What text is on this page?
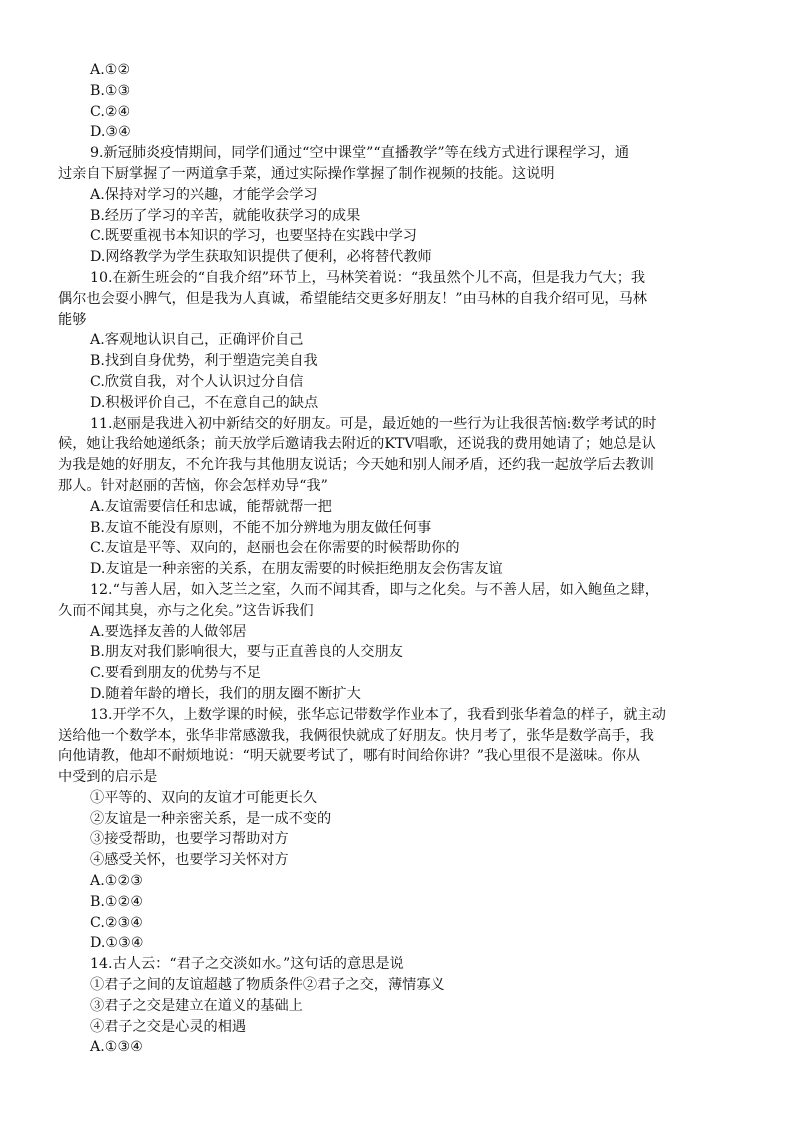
A.①②
B.①③
C.②④
D.③④
9.新冠肺炎疫情期间，同学们通过“空中课堂”“直播教学”等在线方式进行课程学习，通
过亲自下厨掌握了一两道拿手菜，通过实际操作掌握了制作视频的技能。这说明
A.保持对学习的兴趣，才能学会学习
B.经历了学习的辛苦，就能收获学习的成果
C.既要重视书本知识的学习，也要坚持在实践中学习
D.网络教学为学生获取知识提供了便利，必将替代教师
10.在新生班会的“自我介绍”环节上，马林笑着说：“我虽然个儿不高，但是我力气大；我
偶尔也会耍小脾气，但是我为人真诚，希望能结交更多好朋友！”由马林的自我介绍可见，马林
能够
A.客观地认识自己，正确评价自己
B.找到自身优势，利于塑造完美自我
C.欣赏自我，对个人认识过分自信
D.积极评价自己，不在意自己的缺点
11.赵丽是我进入初中新结交的好朋友。可是，最近她的一些行为让我很苦恼:数学考试的时
候，她让我给她递纸条；前天放学后邀请我去附近的KTV唱歌，还说我的费用她请了；她总是认
为我是她的好朋友，不允许我与其他朋友说话；今天她和别人闹矛盾，还约我一起放学后去教训
那人。针对赵丽的苦恼，你会怎样劝导“我”
A.友谊需要信任和忠诚，能帮就帮一把
B.友谊不能没有原则，不能不加分辨地为朋友做任何事
C.友谊是平等、双向的，赵丽也会在你需要的时候帮助你的
D.友谊是一种亲密的关系，在朋友需要的时候拒绝朋友会伤害友谊
12.“与善人居，如入芝兰之室，久而不闻其香，即与之化矣。与不善人居，如入鲍鱼之肆，
久而不闻其臭，亦与之化矣。”这告诉我们
A.要选择友善的人做邻居
B.朋友对我们影响很大，要与正直善良的人交朋友
C.要看到朋友的优势与不足
D.随着年龄的增长，我们的朋友圈不断扩大
13.开学不久，上数学课的时候，张华忘记带数学作业本了，我看到张华着急的样子，就主动
送给他一个数学本，张华非常感激我，我俩很快就成了好朋友。快月考了，张华是数学高手，我
向他请教，他却不耐烦地说：“明天就要考试了，哪有时间给你讲？”我心里很不是滋味。你从
中受到的启示是
①平等的、双向的友谊才可能更长久
②友谊是一种亲密关系，是一成不变的
③接受帮助，也要学习帮助对方
④感受关怀，也要学习关怀对方
A.①②③
B.①②④
C.②③④
D.①③④
14.古人云：“君子之交淡如水。”这句话的意思是说
①君子之间的友谊超越了物质条件②君子之交，薄情寡义
③君子之交是建立在道义的基础上
④君子之交是心灵的相遇
A.①③④
